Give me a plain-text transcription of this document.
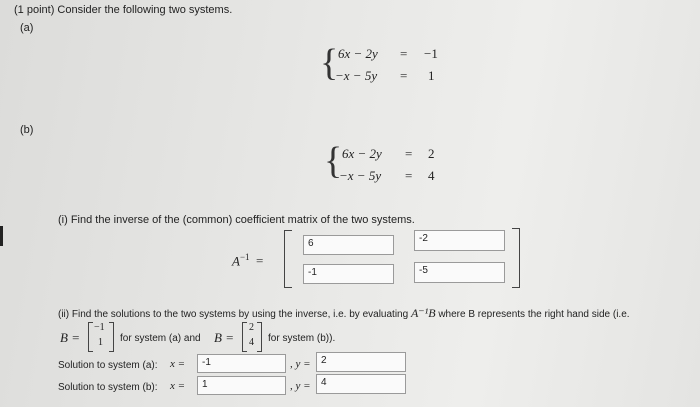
(1 point) Consider the following two systems.
(a)
{ 6x − 2y = −1
−x − 5y = 1
(b)
{ 6x − 2y = 2
−x − 5y = 4
(i) Find the inverse of the (common) coefficient matrix of the two systems.
$A^{-1}$ =
6	-2
-1	-5
(ii) Find the solutions to the two systems by using the inverse, i.e. by evaluating A⁻¹B where B represents the right hand side (i.e.
B =
−1
1 for system (a) and B =
2
4 for system (b)).
Solution to system (a): x =	-1	, y =	2
Solution to system (b): x =	1	, y =	4
